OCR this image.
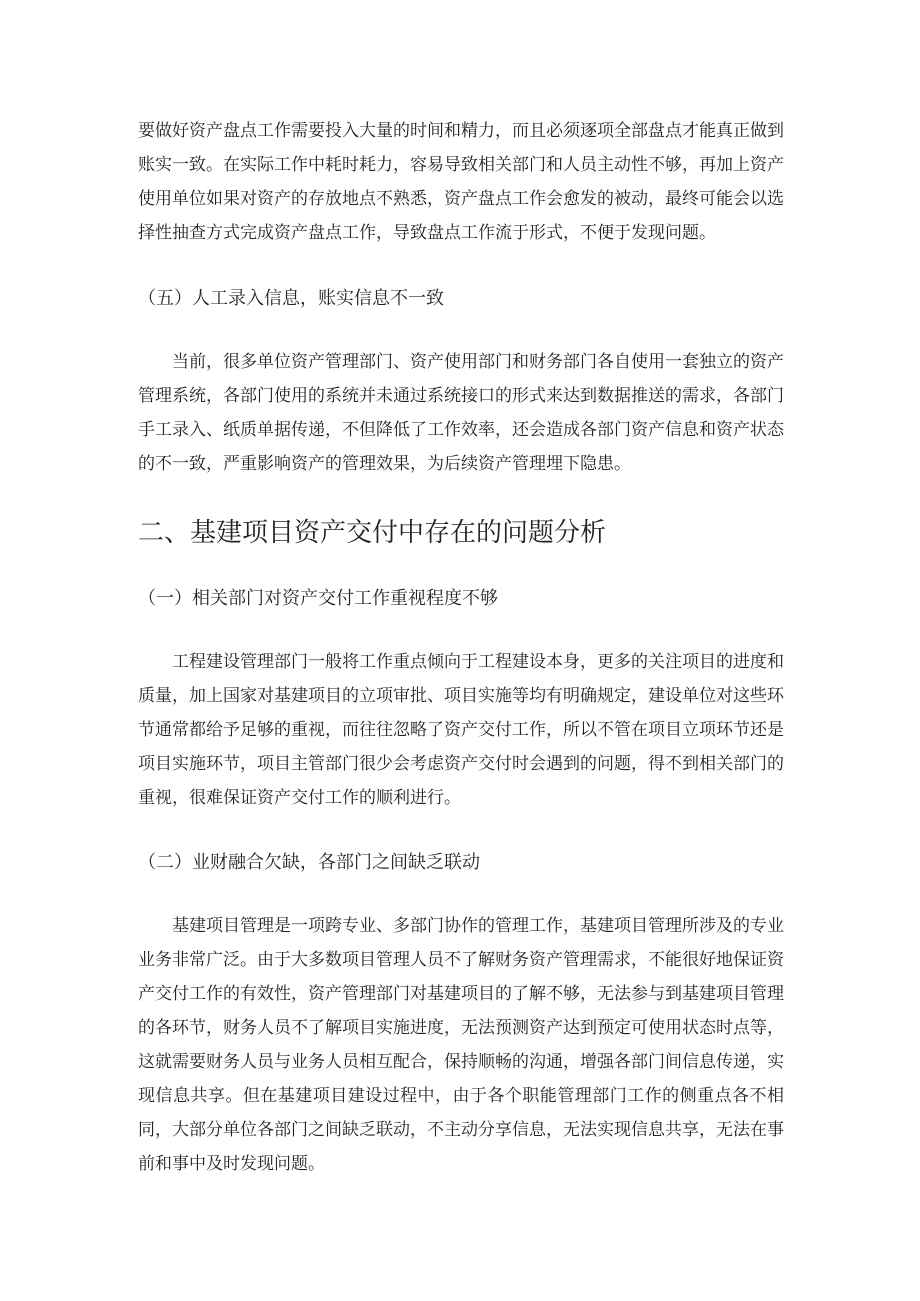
要做好资产盘点工作需要投入大量的时间和精力，而且必须逐项全部盘点才能真正做到账实一致。在实际工作中耗时耗力，容易导致相关部门和人员主动性不够，再加上资产使用单位如果对资产的存放地点不熟悉，资产盘点工作会愈发的被动，最终可能会以选择性抽查方式完成资产盘点工作，导致盘点工作流于形式，不便于发现问题。

（五）人工录入信息，账实信息不一致

当前，很多单位资产管理部门、资产使用部门和财务部门各自使用一套独立的资产管理系统，各部门使用的系统并未通过系统接口的形式来达到数据推送的需求，各部门手工录入、纸质单据传递，不但降低了工作效率，还会造成各部门资产信息和资产状态的不一致，严重影响资产的管理效果，为后续资产管理埋下隐患。

二、基建项目资产交付中存在的问题分析

（一）相关部门对资产交付工作重视程度不够

工程建设管理部门一般将工作重点倾向于工程建设本身，更多的关注项目的进度和质量，加上国家对基建项目的立项审批、项目实施等均有明确规定，建设单位对这些环节通常都给予足够的重视，而往往忽略了资产交付工作，所以不管在项目立项环节还是项目实施环节，项目主管部门很少会考虑资产交付时会遇到的问题，得不到相关部门的重视，很难保证资产交付工作的顺利进行。

（二）业财融合欠缺，各部门之间缺乏联动

基建项目管理是一项跨专业、多部门协作的管理工作，基建项目管理所涉及的专业业务非常广泛。由于大多数项目管理人员不了解财务资产管理需求，不能很好地保证资产交付工作的有效性，资产管理部门对基建项目的了解不够，无法参与到基建项目管理的各环节，财务人员不了解项目实施进度，无法预测资产达到预定可使用状态时点等，这就需要财务人员与业务人员相互配合，保持顺畅的沟通，增强各部门间信息传递，实现信息共享。但在基建项目建设过程中，由于各个职能管理部门工作的侧重点各不相同，大部分单位各部门之间缺乏联动，不主动分享信息，无法实现信息共享，无法在事前和事中及时发现问题。
